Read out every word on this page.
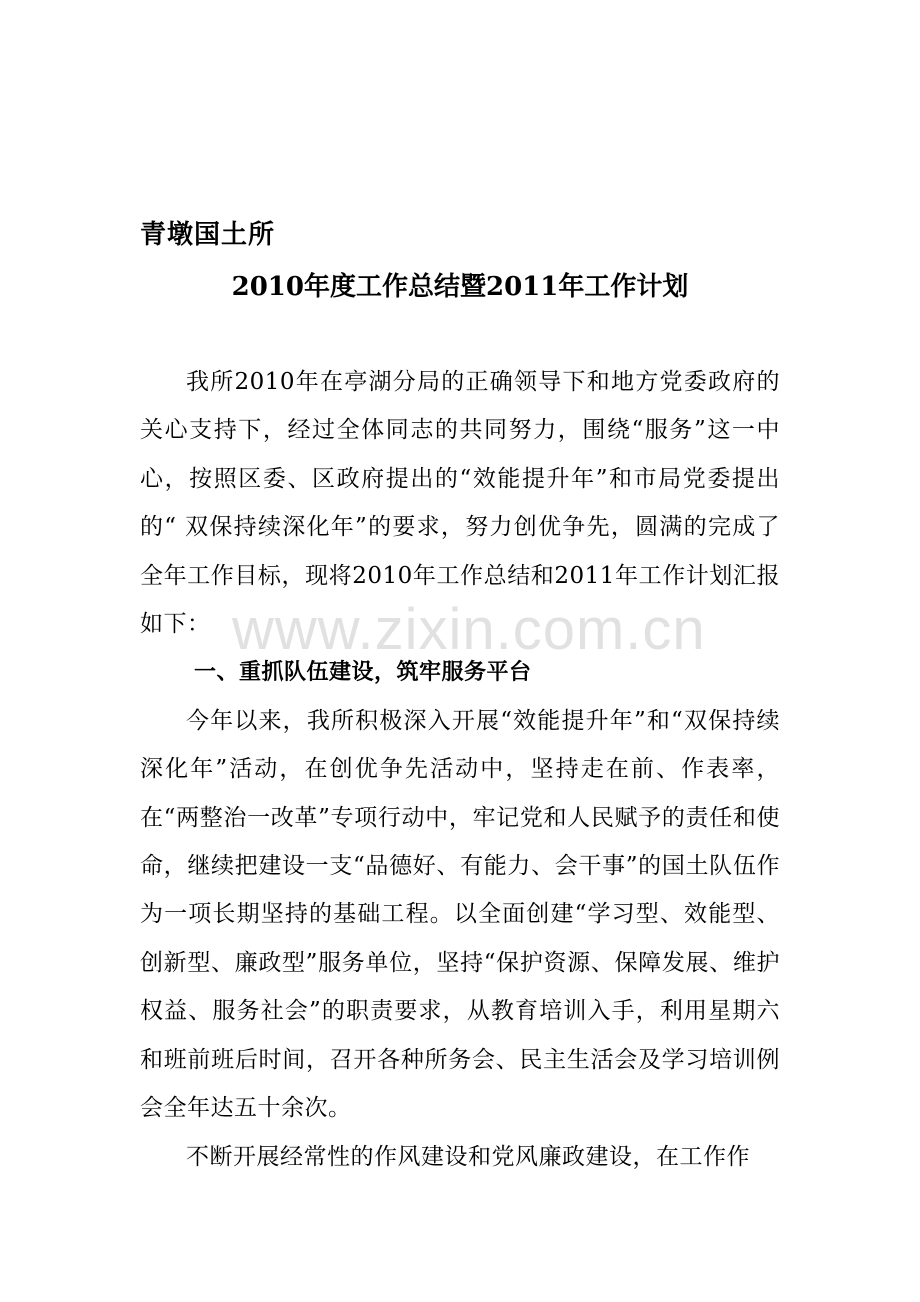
青墩国土所
2010年度工作总结暨2011年工作计划

我所2010年在亭湖分局的正确领导下和地方党委政府的关心支持下，经过全体同志的共同努力，围绕“服务”这一中心，按照区委、区政府提出的“效能提升年”和市局党委提出的“ 双保持续深化年”的要求，努力创优争先，圆满的完成了全年工作目标，现将2010年工作总结和2011年工作计划汇报如下：

一、重抓队伍建设，筑牢服务平台

今年以来，我所积极深入开展“效能提升年”和“双保持续深化年”活动，在创优争先活动中，坚持走在前、作表率，在“两整治一改革”专项行动中，牢记党和人民赋予的责任和使命，继续把建设一支“品德好、有能力、会干事”的国土队伍作为一项长期坚持的基础工程。以全面创建“学习型、效能型、创新型、廉政型”服务单位，坚持“保护资源、保障发展、维护权益、服务社会”的职责要求，从教育培训入手，利用星期六和班前班后时间，召开各种所务会、民主生活会及学习培训例会全年达五十余次。

不断开展经常性的作风建设和党风廉政建设，在工作作

www.zixin.com.cn
